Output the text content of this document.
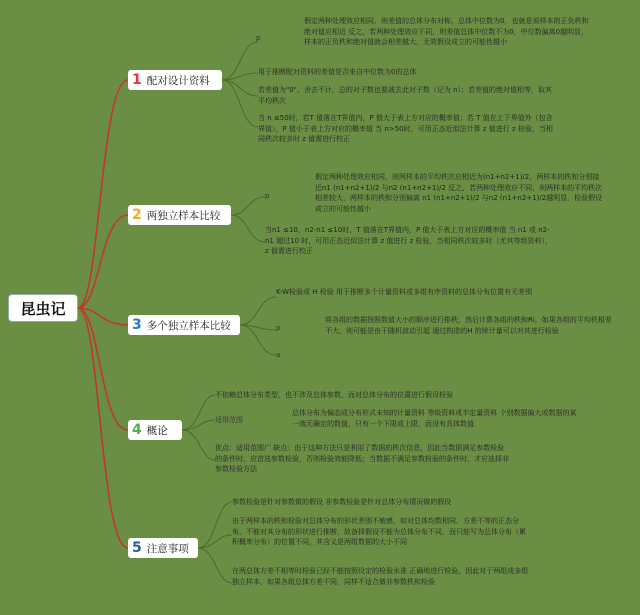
昆虫记
1 配对设计资料
p
假定两种处理效应相同，则差值的总体分布对称，总体中位数为0，也就是说样本的正负秩和绝对值应相近 反之，若两种处理效应不同，则差值总体中位数不为0，中位数偏离0越明显，样本的正负秩和绝对值就会相差越大，无效假设成立的可能性越小
用于推断配对资料的差值是否来自中位数为0的总体
若差值为"0"，舍去不计，总的对子数也要减去此对子数（记为 n）；若差值的绝对值相等，取其平均秩次
当 n ≤50时，若T 值落在T界值内，P 值大于表上方对应的概率值；若 T 值在上下界值外（包含界值），P 值小于表上方对应的概率值 当 n>50时，可用正态近似法计算 z 值进行 z 检验，当相同秩次较多时 z 值需进行校正
2 两独立样本比较
p
假定两种处理效应相同，则两样本的平均秩次应相近为(n1+n2+1)/2，两样本的秩和分别接近n1 (n1+n2+1)/2 与n2 (n1+n2+1)/2 反之，若两种处理效应不同，则两样本的平均秩次相差较大，两样本的秩和分别偏离 n1 (n1+n2+1)/2 与n2 (n1+n2+1)/2越明显，检验假设成立的可能性越小
当n1 ≤10，n2-n1 ≤10时，T 值落在T界值内，P 值大于表上方对应的概率值 当 n1 或 n2-n1 超过10 时，可用正态近似法计算 z 值进行 z 检验，当相同秩次较多时（尤其等级资料），z 值需进行校正
3 多个独立样本比较
K-W检验或 H 检验 用于推断多个计量资料或多组有序资料的总体分布位置有无差别
p
将各组的数据按照数值大小的顺序进行排秩，然后计算各组的秩和Ri，如果各组的平均秩相差不大，则可能是由于随机波动引起 通过构造的H 的统计量可以对其进行检验
a
4 概论
不依赖总体分布类型，也不涉及总体参数，而对总体分布的位置进行假设检验
适用范围
总体分布为偏态或分布形式未知的计量资料 等级资料或半定量资料 个别数据偏大或数据的某一端无确定的数值，只有一个下限或上限，而没有具体数值
优点：适用范围广 缺点：由于这种方法只是利用了数据的秩次信息，因此当数据满足参数检验的条件时，应首选参数检验，否则检验效能降低；当数据不满足参数检验的条件时，才应选择非参数检验方法
5 注意事项
参数检验是针对参数做的假设 非参数检验是针对总体分布情况做的假设
由于两样本的秩和检验对总体分布的形状差别不敏感，如对总体均数相同、方差不等的正态分布，不能对其分布的形状进行推断，故备择假设不能为总体分布不同，而只能写为总体分布（累积概率分布）的位置不同，其含义是两组数据的大小不同
在两总体方差不相等时检验已经不能按照设定的检验水准 正确地进行检验，因此对于两组或多组独立样本，如果各组总体方差不同，同样不适合做非参数秩和检验
